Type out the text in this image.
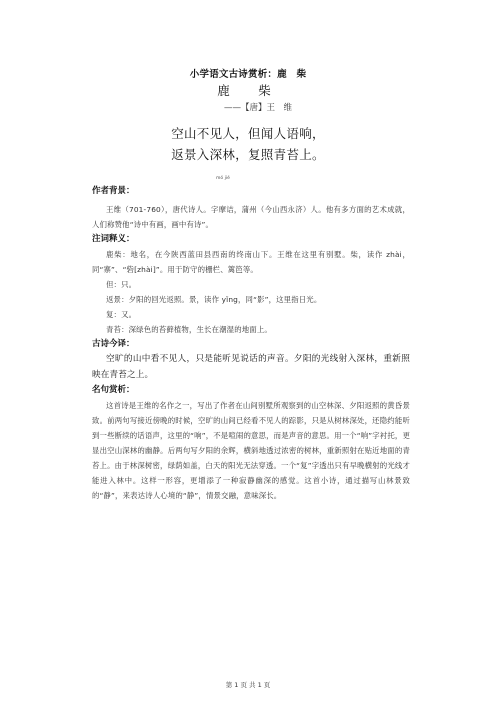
小学语文古诗赏析：鹿　柴
鹿　柴
——【唐】王　维
空山不见人，但闻人语响，
返景入深林，复照青苔上。
mó jié

作者背景：

王维（701-760），唐代诗人。字摩诘，蒲州（今山西永济）人。他有多方面的艺术成就，人们称赞他“诗中有画，画中有诗”。

注词释义：

鹿柴：地名，在今陕西蓝田县西南的终南山下。王维在这里有别墅。柴，读作 zhài，同“寨”、“砦[zhài]”。用于防守的栅栏、篱笆等。

但：只。

返景：夕阳的回光返照。景，读作 yǐng，同“影”，这里指日光。

复：又。

青苔：深绿色的苔藓植物，生长在潮湿的地面上。

古诗今译：

空旷的山中看不见人，只是能听见说话的声音。夕阳的光线射入深林，重新照映在青苔之上。

名句赏析：

这首诗是王维的名作之一，写出了作者在山间别墅所观察到的山空林深、夕阳返照的黄昏景致。前两句写接近傍晚的时候，空旷的山间已经看不见人的踪影，只是从树林深处，还隐约能听到一些断续的话语声，这里的“响”，不是喧闹的意思，而是声音的意思。用一个“响”字衬托，更显出空山深林的幽静。后两句写夕阳的余辉，横斜地透过浓密的树林，重新照射在贴近地面的青苔上。由于林深树密，绿荫如盖，白天的阳光无法穿透。一个“复”字透出只有早晚横射的光线才能进入林中。这样一形容，更增添了一种寂静幽深的感觉。这首小诗，通过描写山林景致的“静”，来表达诗人心境的“静”，情景交融，意味深长。

第 1 页 共 1 页
